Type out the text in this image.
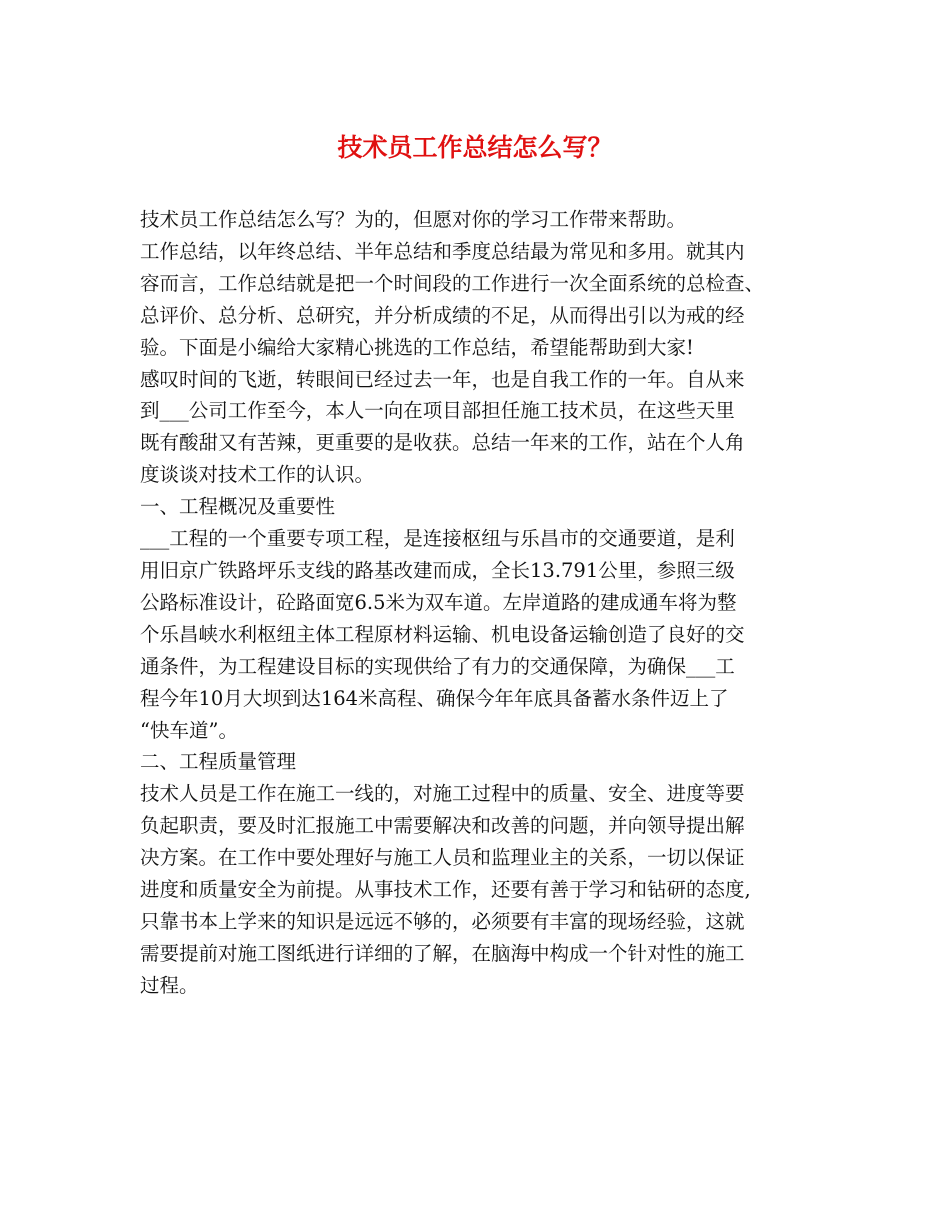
技术员工作总结怎么写？

技术员工作总结怎么写？为的，但愿对你的学习工作带来帮助。

工作总结，以年终总结、半年总结和季度总结最为常见和多用。就其内

容而言，工作总结就是把一个时间段的工作进行一次全面系统的总检查、

总评价、总分析、总研究，并分析成绩的不足，从而得出引以为戒的经

验。下面是小编给大家精心挑选的工作总结，希望能帮助到大家!

感叹时间的飞逝，转眼间已经过去一年，也是自我工作的一年。自从来

到___公司工作至今，本人一向在项目部担任施工技术员，在这些天里

既有酸甜又有苦辣，更重要的是收获。总结一年来的工作，站在个人角

度谈谈对技术工作的认识。

一、工程概况及重要性

___工程的一个重要专项工程，是连接枢纽与乐昌市的交通要道，是利

用旧京广铁路坪乐支线的路基改建而成，全长13.791公里，参照三级

公路标准设计，砼路面宽6.5米为双车道。左岸道路的建成通车将为整

个乐昌峡水利枢纽主体工程原材料运输、机电设备运输创造了良好的交

通条件，为工程建设目标的实现供给了有力的交通保障，为确保___工

程今年10月大坝到达164米高程、确保今年年底具备蓄水条件迈上了

“快车道”。

二、工程质量管理

技术人员是工作在施工一线的，对施工过程中的质量、安全、进度等要

负起职责，要及时汇报施工中需要解决和改善的问题，并向领导提出解

决方案。在工作中要处理好与施工人员和监理业主的关系，一切以保证

进度和质量安全为前提。从事技术工作，还要有善于学习和钻研的态度,

只靠书本上学来的知识是远远不够的，必须要有丰富的现场经验，这就

需要提前对施工图纸进行详细的了解，在脑海中构成一个针对性的施工

过程。
